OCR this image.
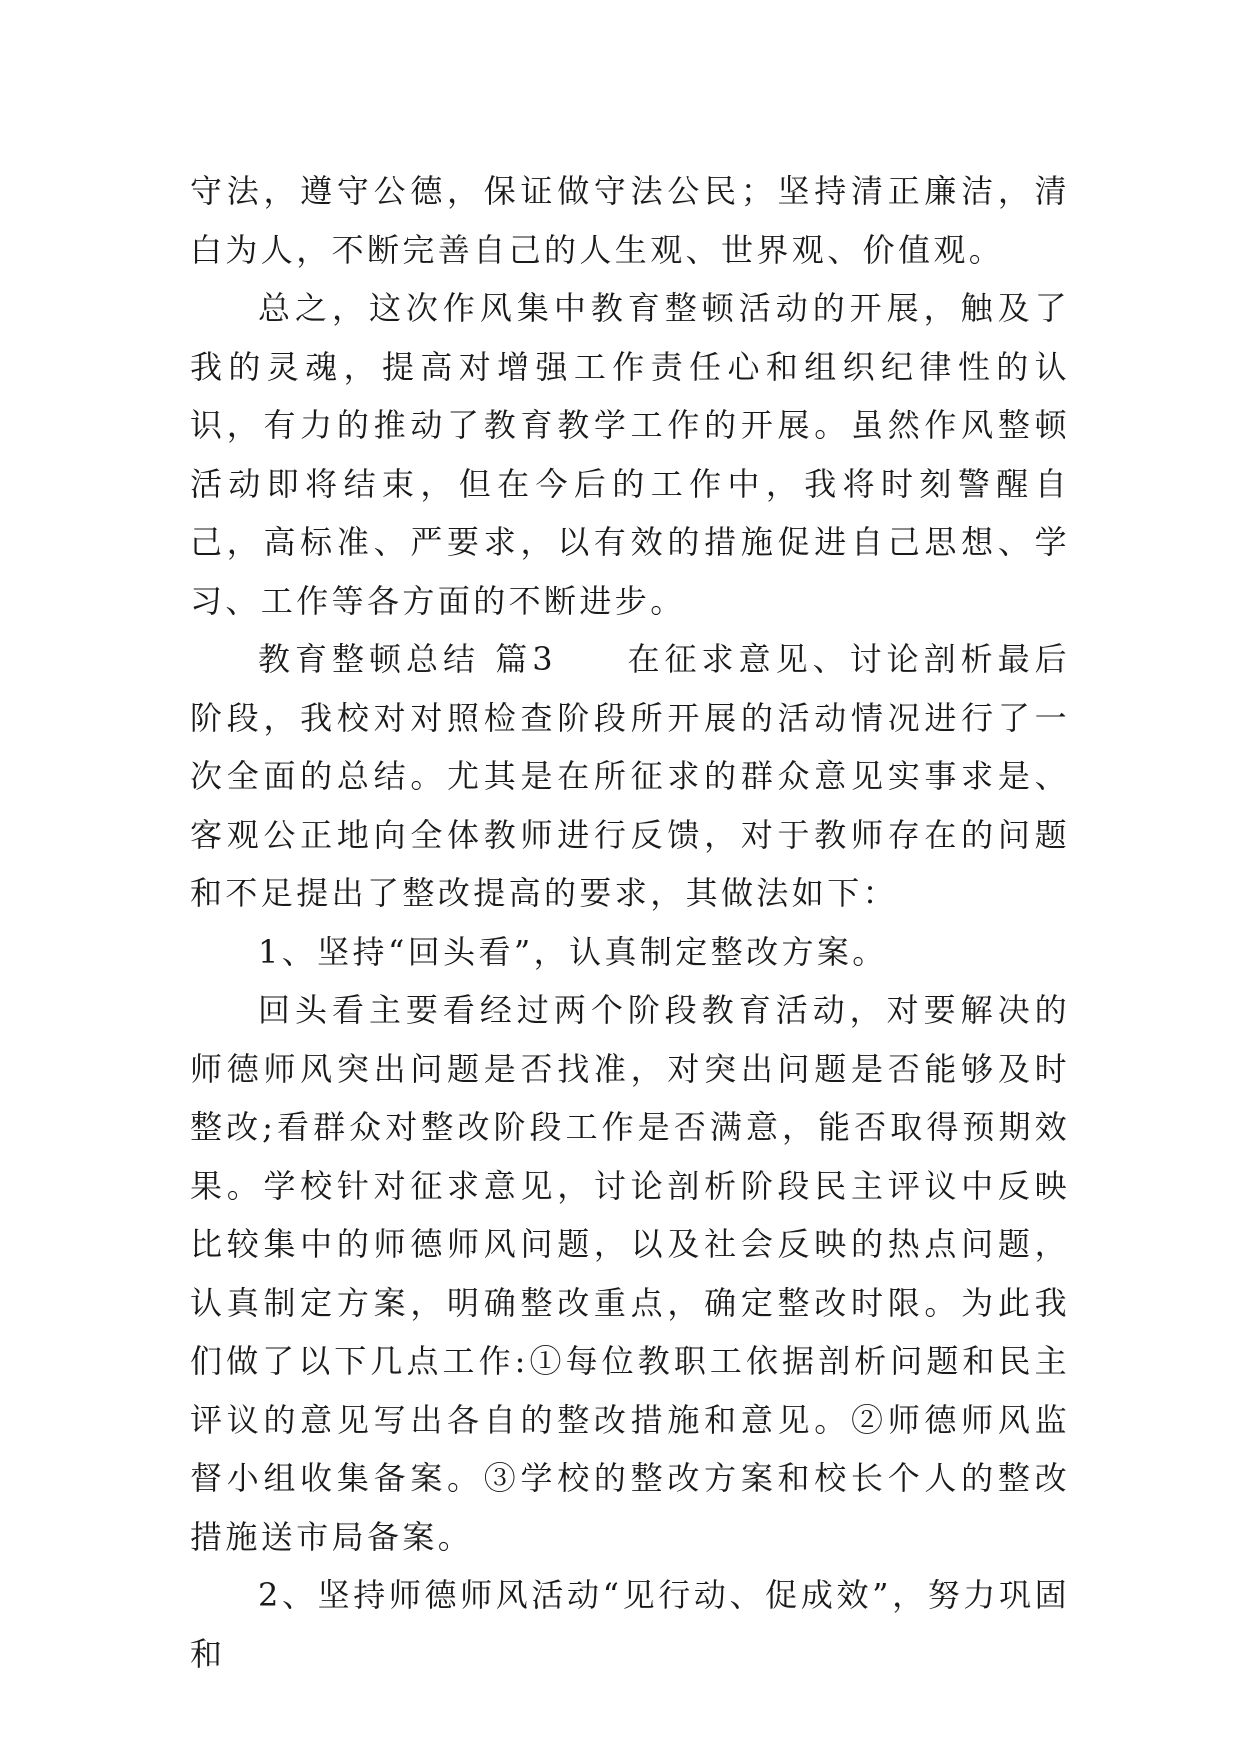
守法，遵守公德，保证做守法公民；坚持清正廉洁，清白为人，不断完善自己的人生观、世界观、价值观。

总之，这次作风集中教育整顿活动的开展，触及了我的灵魂，提高对增强工作责任心和组织纪律性的认识，有力的推动了教育教学工作的开展。虽然作风整顿活动即将结束，但在今后的工作中，我将时刻警醒自己，高标准、严要求，以有效的措施促进自己思想、学习、工作等各方面的不断进步。

教育整顿总结 篇3 在征求意见、讨论剖析最后阶段，我校对对照检查阶段所开展的活动情况进行了一次全面的总结。尤其是在所征求的群众意见实事求是、客观公正地向全体教师进行反馈，对于教师存在的问题和不足提出了整改提高的要求，其做法如下：

1、坚持“回头看”，认真制定整改方案。

回头看主要看经过两个阶段教育活动，对要解决的师德师风突出问题是否找准，对突出问题是否能够及时整改;看群众对整改阶段工作是否满意，能否取得预期效果。学校针对征求意见，讨论剖析阶段民主评议中反映比较集中的师德师风问题，以及社会反映的热点问题，认真制定方案，明确整改重点，确定整改时限。为此我们做了以下几点工作:①每位教职工依据剖析问题和民主评议的意见写出各自的整改措施和意见。②师德师风监督小组收集备案。③学校的整改方案和校长个人的整改措施送市局备案。

2、坚持师德师风活动“见行动、促成效”，努力巩固和
